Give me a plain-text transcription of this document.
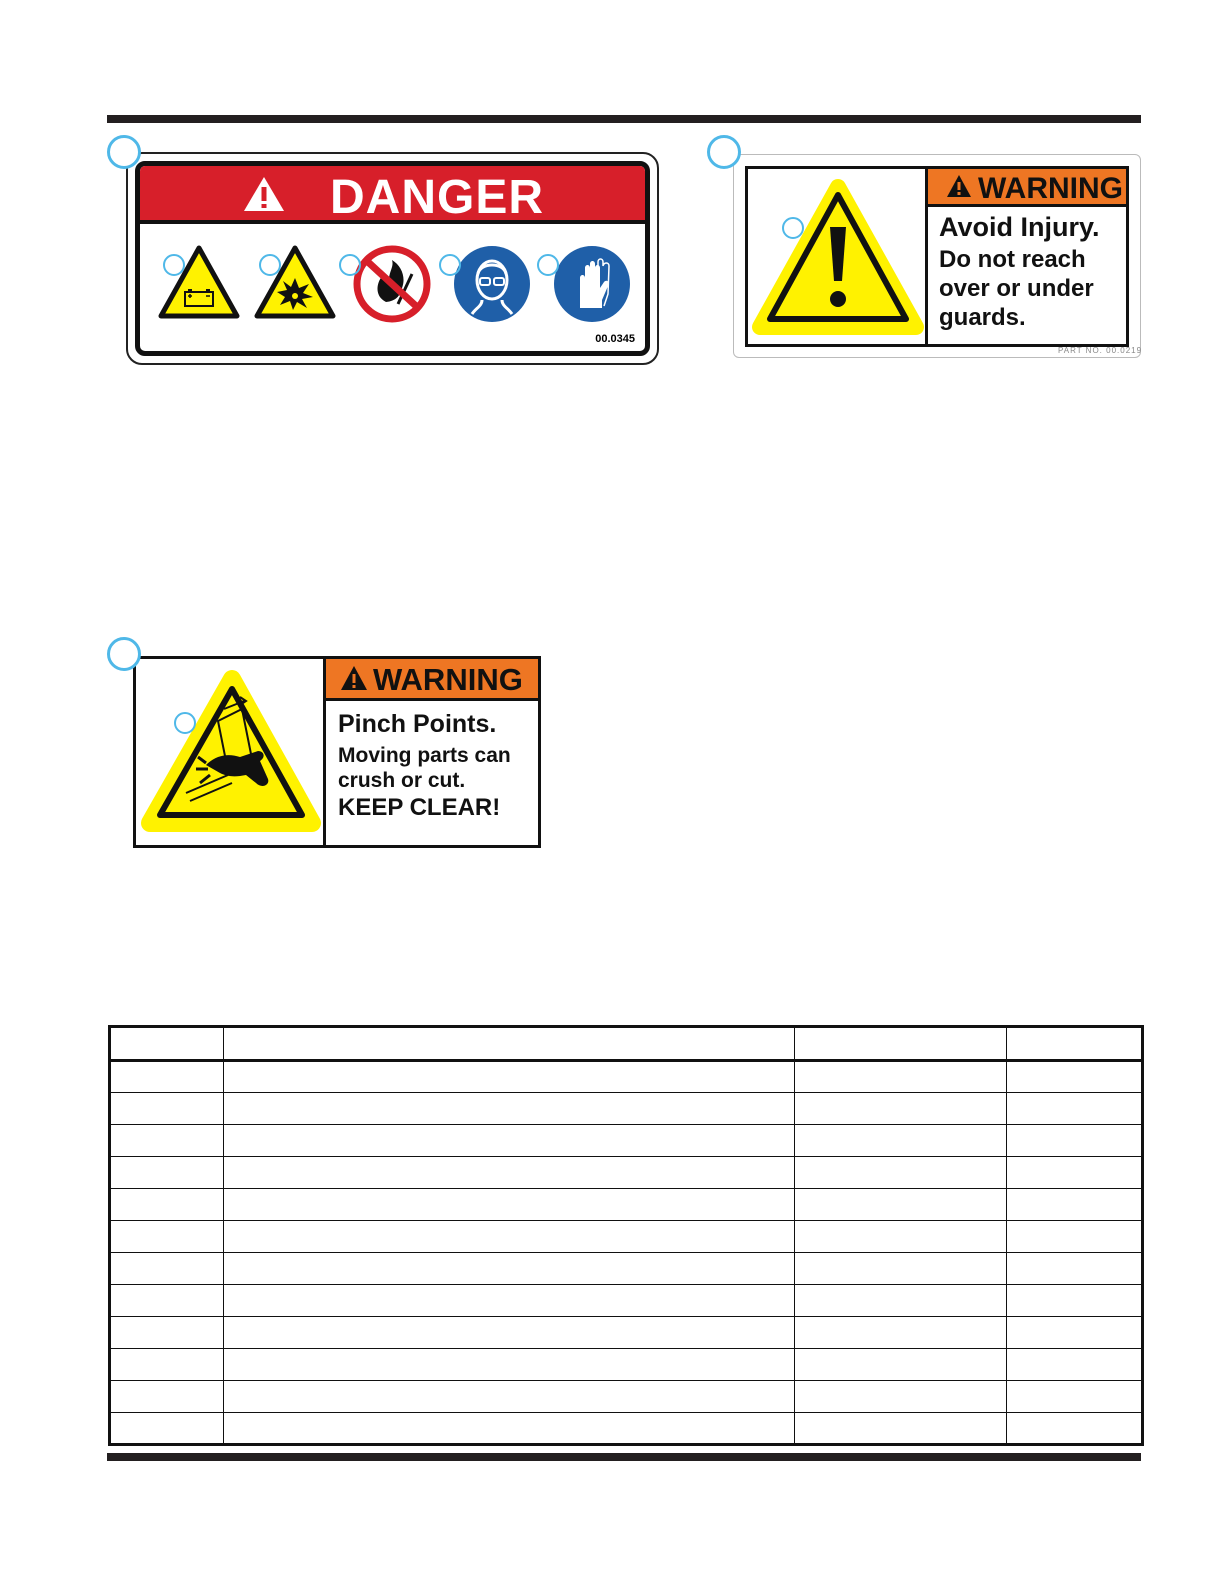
DANGER
00.0345
WARNING
Avoid Injury.
Do not reach
over or under
guards.
PART NO. 00.0219
WARNING
Pinch Points.
Moving parts can
crush or cut.
KEEP CLEAR!
